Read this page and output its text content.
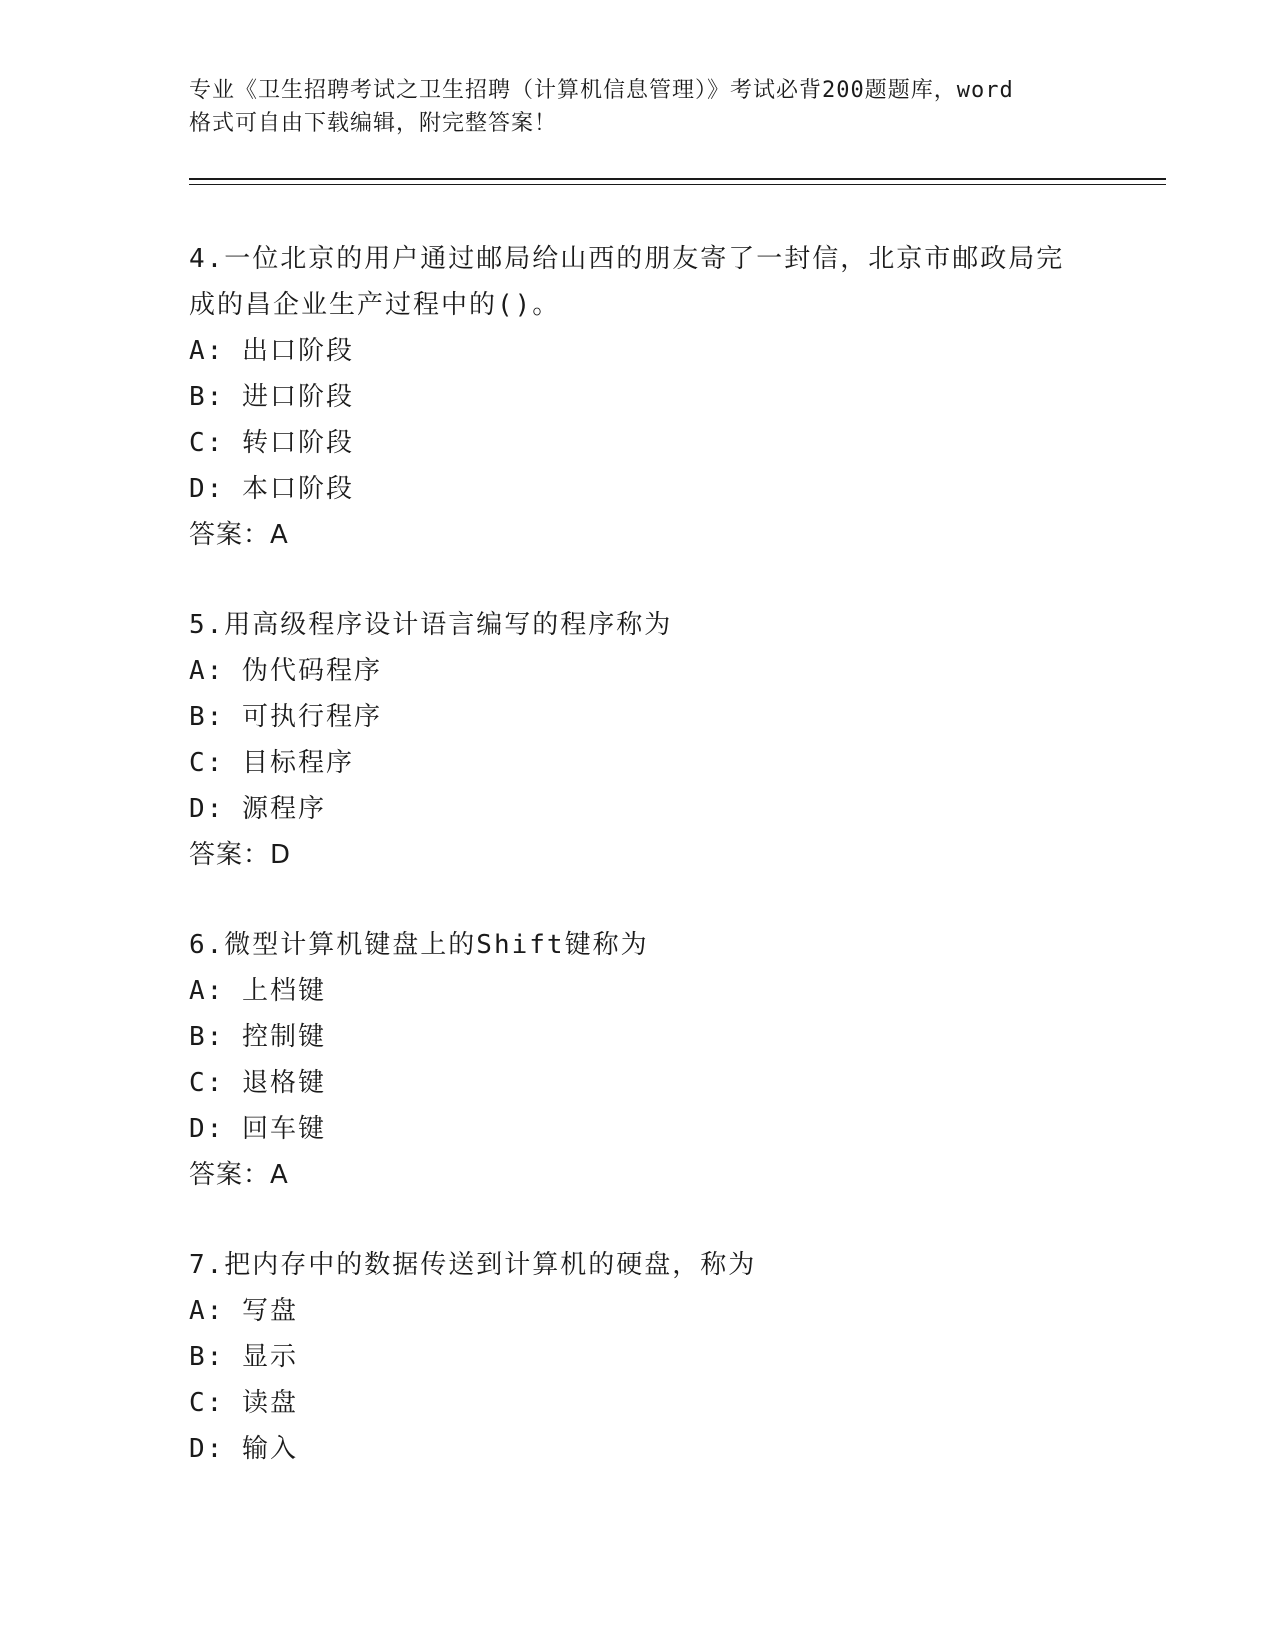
专业《卫生招聘考试之卫生招聘（计算机信息管理）》考试必背200题题库，word
格式可自由下载编辑，附完整答案！
4.一位北京的用户通过邮局给山西的朋友寄了一封信，北京市邮政局完成的昌企业生产过程中的()。
A: 出口阶段
B: 进口阶段
C: 转口阶段
D: 本口阶段
答案：A
5.用高级程序设计语言编写的程序称为
A: 伪代码程序
B: 可执行程序
C: 目标程序
D: 源程序
答案：D
6.微型计算机键盘上的Shift键称为
A: 上档键
B: 控制键
C: 退格键
D: 回车键
答案：A
7.把内存中的数据传送到计算机的硬盘，称为
A: 写盘
B: 显示
C: 读盘
D: 输入
